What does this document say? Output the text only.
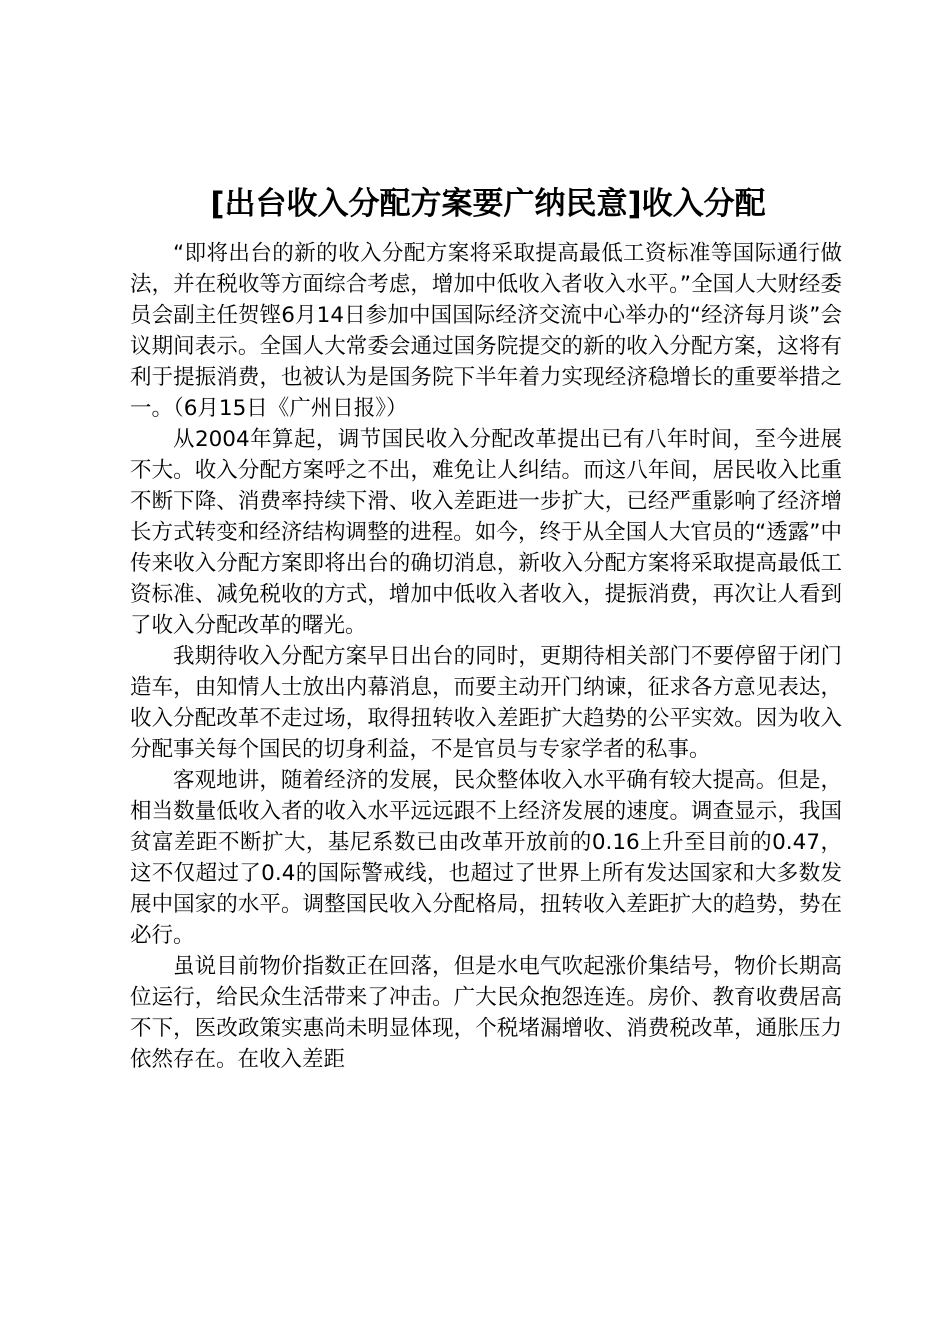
[出台收入分配方案要广纳民意]收入分配

“即将出台的新的收入分配方案将采取提高最低工资标准等国际通行做法，并在税收等方面综合考虑，增加中低收入者收入水平。”全国人大财经委员会副主任贺铿6月14日参加中国国际经济交流中心举办的“经济每月谈”会议期间表示。全国人大常委会通过国务院提交的新的收入分配方案，这将有利于提振消费，也被认为是国务院下半年着力实现经济稳增长的重要举措之一。（6月15日《广州日报》）

从2004年算起，调节国民收入分配改革提出已有八年时间，至今进展不大。收入分配方案呼之不出，难免让人纠结。而这八年间，居民收入比重不断下降、消费率持续下滑、收入差距进一步扩大，已经严重影响了经济增长方式转变和经济结构调整的进程。如今，终于从全国人大官员的“透露”中传来收入分配方案即将出台的确切消息，新收入分配方案将采取提高最低工资标准、减免税收的方式，增加中低收入者收入，提振消费，再次让人看到了收入分配改革的曙光。

我期待收入分配方案早日出台的同时，更期待相关部门不要停留于闭门造车，由知情人士放出内幕消息，而要主动开门纳谏，征求各方意见表达，收入分配改革不走过场，取得扭转收入差距扩大趋势的公平实效。因为收入分配事关每个国民的切身利益，不是官员与专家学者的私事。

客观地讲，随着经济的发展，民众整体收入水平确有较大提高。但是，相当数量低收入者的收入水平远远跟不上经济发展的速度。调查显示，我国贫富差距不断扩大，基尼系数已由改革开放前的0.16上升至目前的0.47，这不仅超过了0.4的国际警戒线，也超过了世界上所有发达国家和大多数发展中国家的水平。调整国民收入分配格局，扭转收入差距扩大的趋势，势在必行。

虽说目前物价指数正在回落，但是水电气吹起涨价集结号，物价长期高位运行，给民众生活带来了冲击。广大民众抱怨连连。房价、教育收费居高不下，医改政策实惠尚未明显体现，个税堵漏增收、消费税改革，通胀压力依然存在。在收入差距
